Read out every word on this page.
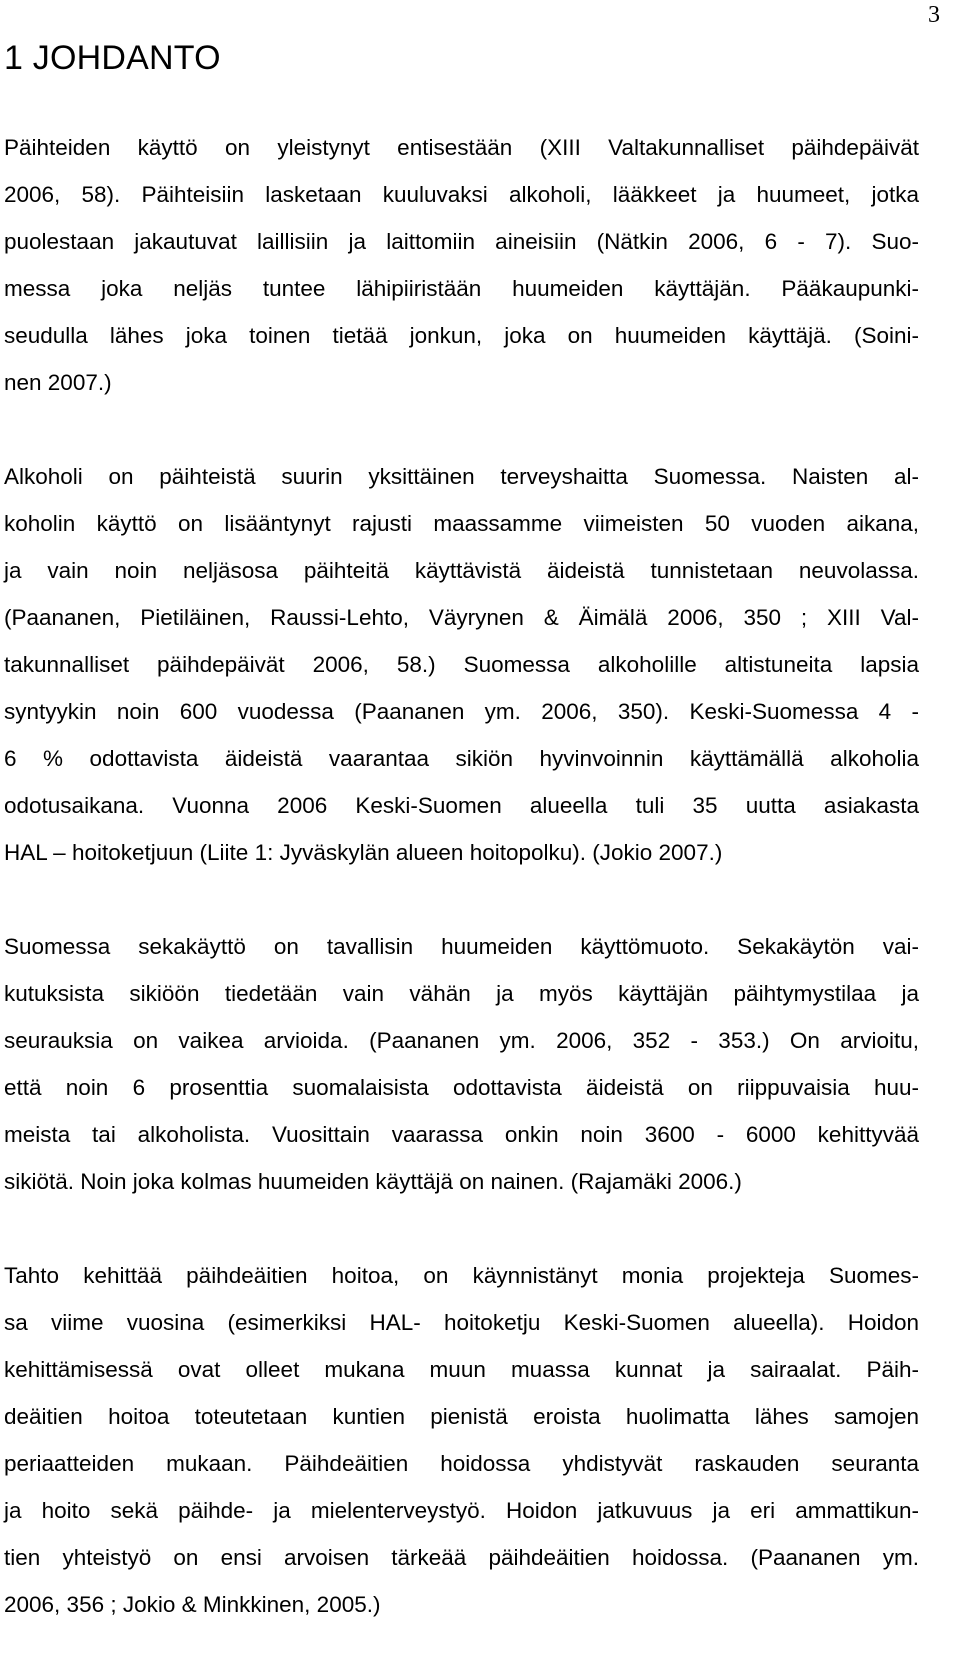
3
1 JOHDANTO
Päihteiden käyttö on yleistynyt entisestään (XIII Valtakunnalliset päihdepäivät
2006, 58). Päihteisiin lasketaan kuuluvaksi alkoholi, lääkkeet ja huumeet, jotka
puolestaan jakautuvat laillisiin ja laittomiin aineisiin (Nätkin 2006, 6 - 7). Suo-
messa joka neljäs tuntee lähipiiristään huumeiden käyttäjän. Pääkaupunki-
seudulla lähes joka toinen tietää jonkun, joka on huumeiden käyttäjä. (Soini-
nen 2007.)
Alkoholi on päihteistä suurin yksittäinen terveyshaitta Suomessa. Naisten al-
koholin käyttö on lisääntynyt rajusti maassamme viimeisten 50 vuoden aikana,
ja vain noin neljäsosa päihteitä käyttävistä äideistä tunnistetaan neuvolassa.
(Paananen, Pietiläinen, Raussi-Lehto, Väyrynen & Äimälä 2006, 350 ; XIII Val-
takunnalliset päihdepäivät 2006, 58.) Suomessa alkoholille altistuneita lapsia
syntyykin noin 600 vuodessa (Paananen ym. 2006, 350). Keski-Suomessa 4 -
6 % odottavista äideistä vaarantaa sikiön hyvinvoinnin käyttämällä alkoholia
odotusaikana. Vuonna 2006 Keski-Suomen alueella tuli 35 uutta asiakasta
HAL – hoitoketjuun (Liite 1: Jyväskylän alueen hoitopolku). (Jokio 2007.)
Suomessa sekakäyttö on tavallisin huumeiden käyttömuoto. Sekakäytön vai-
kutuksista sikiöön tiedetään vain vähän ja myös käyttäjän päihtymystilaa ja
seurauksia on vaikea arvioida. (Paananen ym. 2006, 352 - 353.) On arvioitu,
että noin 6 prosenttia suomalaisista odottavista äideistä on riippuvaisia huu-
meista tai alkoholista. Vuosittain vaarassa onkin noin 3600 - 6000 kehittyvää
sikiötä. Noin joka kolmas huumeiden käyttäjä on nainen. (Rajamäki 2006.)
Tahto kehittää päihdeäitien hoitoa, on käynnistänyt monia projekteja Suomes-
sa viime vuosina (esimerkiksi HAL- hoitoketju Keski-Suomen alueella). Hoidon
kehittämisessä ovat olleet mukana muun muassa kunnat ja sairaalat. Päih-
deäitien hoitoa toteutetaan kuntien pienistä eroista huolimatta lähes samojen
periaatteiden mukaan. Päihdeäitien hoidossa yhdistyvät raskauden seuranta
ja hoito sekä päihde- ja mielenterveystyö. Hoidon jatkuvuus ja eri ammattikun-
tien yhteistyö on ensi arvoisen tärkeää päihdeäitien hoidossa. (Paananen ym.
2006, 356 ; Jokio & Minkkinen, 2005.)
